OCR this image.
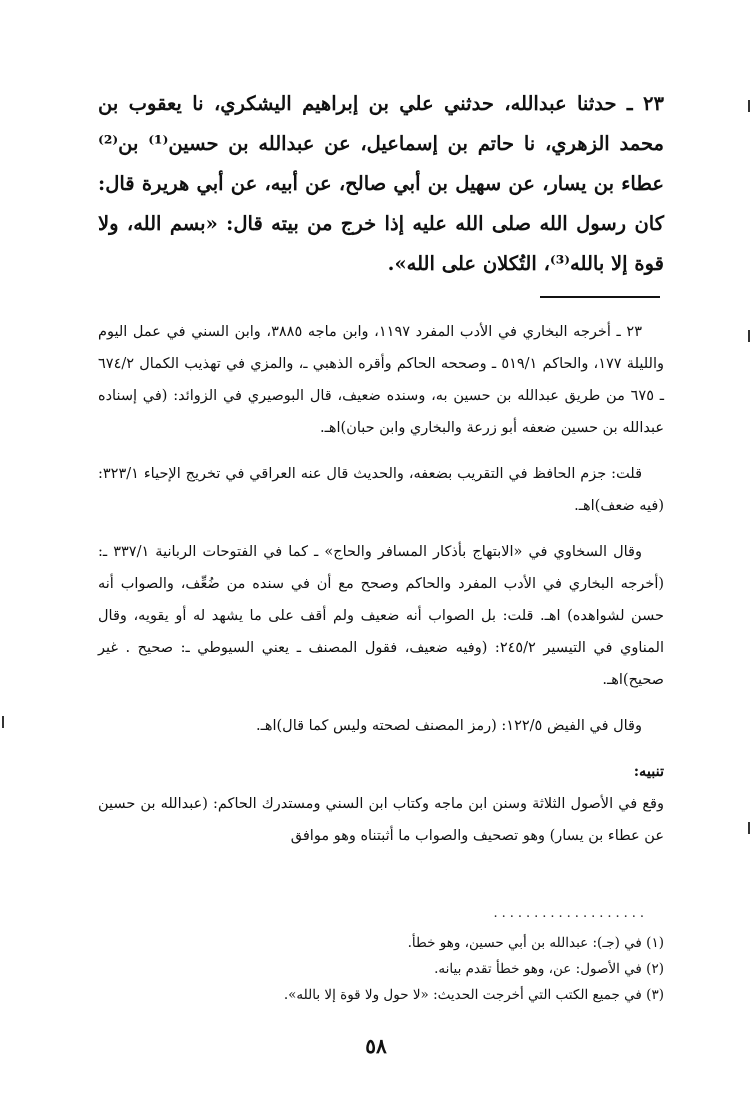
٢٣ ـ حدثنا عبدالله، حدثني علي بن إبراهيم اليشكري، نا يعقوب بن محمد الزهري، نا حاتم بن إسماعيل، عن عبدالله بن حسين⁽¹⁾ بن⁽²⁾ عطاء بن يسار، عن سهيل بن أبي صالح، عن أبيه، عن أبي هريرة قال: كان رسول الله صلى الله عليه إذا خرج من بيته قال: «بسم الله، ولا قوة إلا بالله⁽³⁾، التُكلان على الله».

٢٣ ـ أخرجه البخاري في الأدب المفرد ١١٩٧، وابن ماجه ٣٨٨٥، وابن السني في عمل اليوم والليلة ١٧٧، والحاكم ٥١٩/١ ـ وصححه الحاكم وأقره الذهبي ـ، والمزي في تهذيب الكمال ٦٧٤/٢ ـ ٦٧٥ من طريق عبدالله بن حسين به، وسنده ضعيف، قال البوصيري في الزوائد: (في إسناده عبدالله بن حسين ضعفه أبو زرعة والبخاري وابن حبان)اهـ.

قلت: جزم الحافظ في التقريب بضعفه، والحديث قال عنه العراقي في تخريج الإحياء ٣٢٣/١: (فيه ضعف)اهـ.

وقال السخاوي في «الابتهاج بأذكار المسافر والحاج» ـ كما في الفتوحات الربانية ٣٣٧/١ ـ: (أخرجه البخاري في الأدب المفرد والحاكم وصحح مع أن في سنده من ضُعِّف، والصواب أنه حسن لشواهده) اهـ. قلت: بل الصواب أنه ضعيف ولم أقف على ما يشهد له أو يقويه، وقال المناوي في التيسير ٢٤٥/٢: (وفيه ضعيف، فقول المصنف ـ يعني السيوطي ـ: صحيح . غير صحيح)اهـ.

وقال في الفيض ١٢٢/٥: (رمز المصنف لصحته وليس كما قال)اهـ.

تنبيه:

وقع في الأصول الثلاثة وسنن ابن ماجه وكتاب ابن السني ومستدرك الحاكم: (عبدالله بن حسين عن عطاء بن يسار) وهو تصحيف والصواب ما أثبتناه وهو موافق

...................
(١) في (جـ): عبدالله بن أبي حسين، وهو خطأ.
(٢) في الأصول: عن، وهو خطأ تقدم بيانه.
(٣) في جميع الكتب التي أخرجت الحديث: «لا حول ولا قوة إلا بالله».
٥٨
